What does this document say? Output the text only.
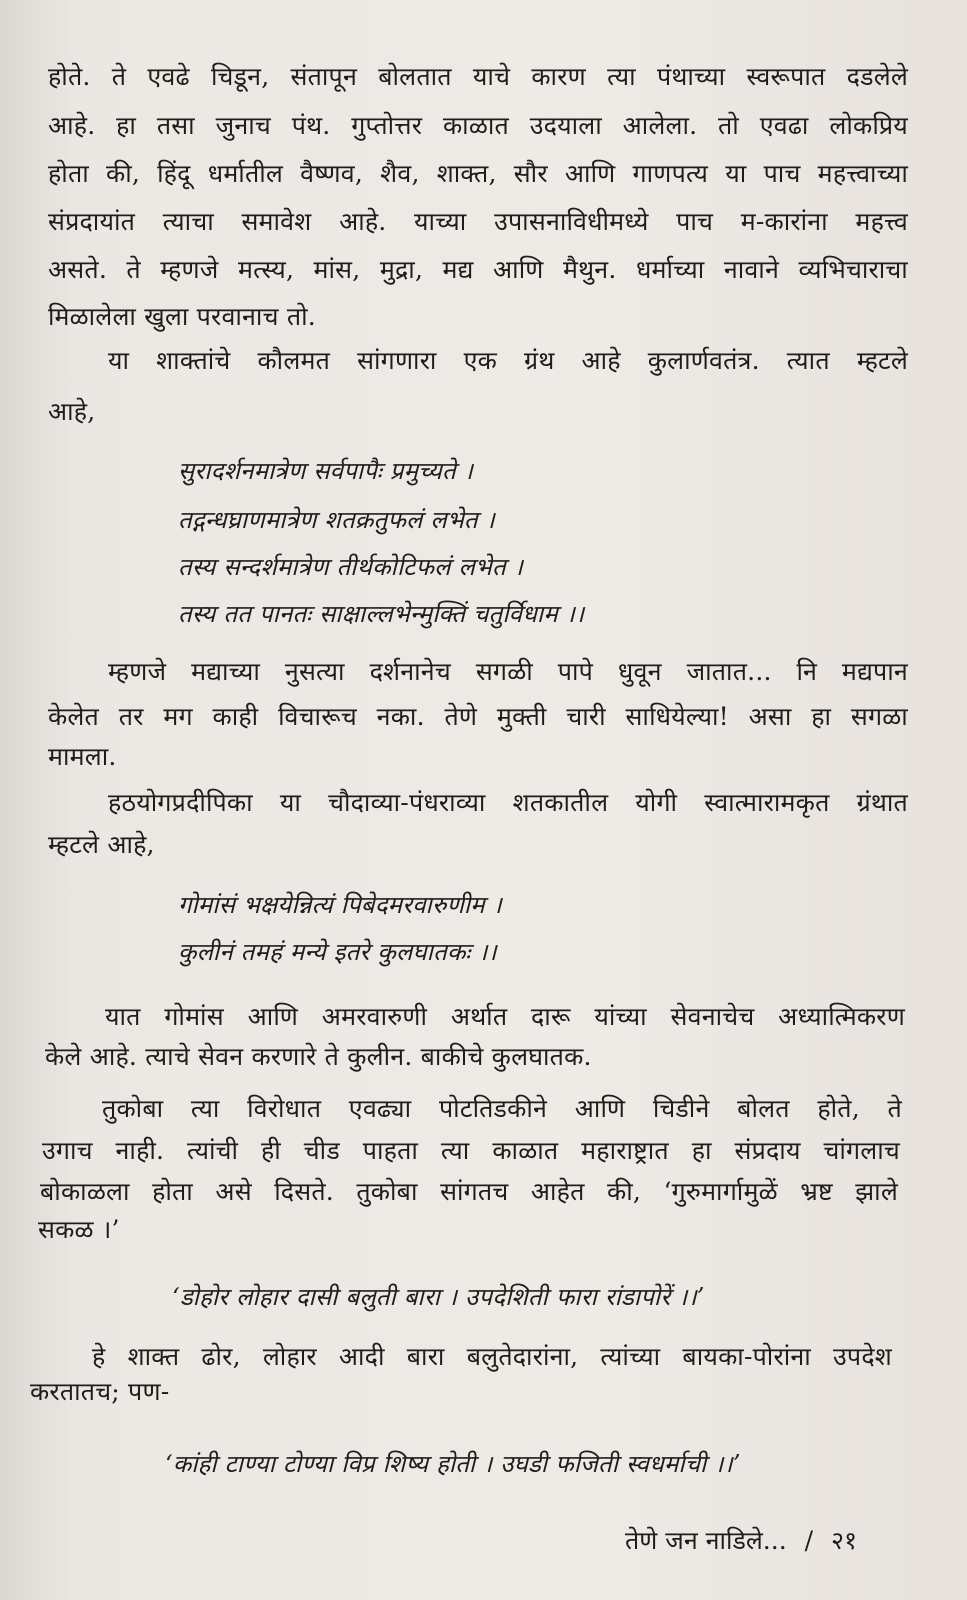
होते. ते एवढे चिडून, संतापून बोलतात याचे कारण त्या पंथाच्या स्वरूपात दडलेले

आहे. हा तसा जुनाच पंथ. गुप्तोत्तर काळात उदयाला आलेला. तो एवढा लोकप्रिय

होता की, हिंदू धर्मातील वैष्णव, शैव, शाक्त, सौर आणि गाणपत्य या पाच महत्त्वाच्या

संप्रदायांत त्याचा समावेश आहे. याच्या उपासनाविधीमध्ये पाच म-कारांना महत्त्व

असते. ते म्हणजे मत्स्य, मांस, मुद्रा, मद्य आणि मैथुन. धर्माच्या नावाने व्यभिचाराचा

मिळालेला खुला परवानाच तो.

या शाक्तांचे कौलमत सांगणारा एक ग्रंथ आहे कुलार्णवतंत्र. त्यात म्हटले

आहे,

सुरादर्शनमात्रेण सर्वपापैः प्रमुच्यते ।

तद्गन्धघ्राणमात्रेण शतक्रतुफलं लभेत ।

तस्य सन्दर्शमात्रेण तीर्थकोटिफलं लभेत ।

तस्य तत पानतः साक्षाल्लभेन्मुक्तिं चतुर्विधाम ।।

म्हणजे मद्याच्या नुसत्या दर्शनानेच सगळी पापे धुवून जातात... नि मद्यपान

केलेत तर मग काही विचारूच नका. तेणे मुक्ती चारी साधियेल्या! असा हा सगळा

मामला.

हठयोगप्रदीपिका या चौदाव्या-पंधराव्या शतकातील योगी स्वात्मारामकृत ग्रंथात

म्हटले आहे,

गोमांसं भक्षयेन्नित्यं पिबेदमरवारुणीम ।

कुलीनं तमहं मन्ये इतरे कुलघातकः ।।

यात गोमांस आणि अमरवारुणी अर्थात दारू यांच्या सेवनाचेच अध्यात्मिकरण

केले आहे. त्याचे सेवन करणारे ते कुलीन. बाकीचे कुलघातक.

तुकोबा त्या विरोधात एवढ्या पोटतिडकीने आणि चिडीने बोलत होते, ते

उगाच नाही. त्यांची ही चीड पाहता त्या काळात महाराष्ट्रात हा संप्रदाय चांगलाच

बोकाळला होता असे दिसते. तुकोबा सांगतच आहेत की, ‘गुरुमार्गामुळें भ्रष्ट झाले

सकळ ।’

‘डोहोर लोहार दासी बलुती बारा । उपदेशिती फारा रांडापोरें ।।’

हे शाक्त ढोर, लोहार आदी बारा बलुतेदारांना, त्यांच्या बायका-पोरांना उपदेश

करतातच; पण-

‘कांही टाण्या टोण्या विप्र शिष्य होती । उघडी फजिती स्वधर्माची ।।’

तेणे जन नाडिले... / २१
